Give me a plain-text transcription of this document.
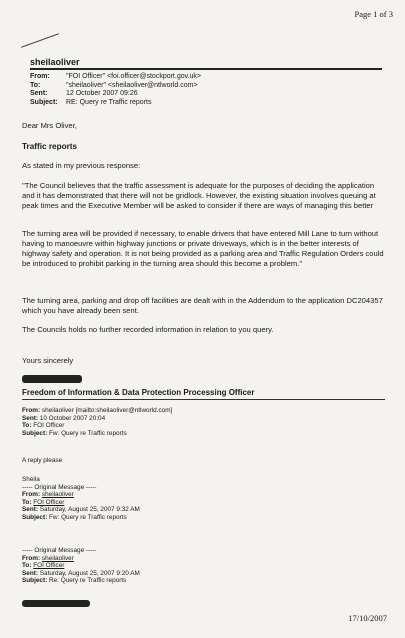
Page 1 of 3
sheilaoliver
From: "FOI Officer" <foi.officer@stockport.gov.uk>
To:	"sheilaoliver" <sheilaoliver@ntlworld.com>
Sent:	12 October 2007 09:26
Subject: RE: Query re Traffic reports
Dear Mrs Oliver,
Traffic reports
As stated in my previous response:
"The Council believes that the traffic assessment is adequate for the purposes of deciding the application and it has demonstrated that there will not be gridlock. However, the existing situation involves queuing at peak times and the Executive Member will be asked to consider if there are ways of managing this better
The turning area will be provided if necessary, to enable drivers that have entered Mill Lane to turn without having to manoeuvre within highway junctions or private driveways, which is in the better interests of highway safety and operation. It is not being provided as a parking area and Traffic Regulation Orders could be introduced to prohibit parking in the turning area should this become a problem."
The turning area, parking and drop off facilities are dealt with in the Addendum to the application DC204357 which you have already been sent.
The Councils holds no further recorded information in relation to you query.
Yours sincerely
Freedom of Information & Data Protection Processing Officer
From: sheilaoliver [mailto:sheilaoliver@ntlworld.com]
Sent: 10 October 2007 20:04
To: FOI Officer
Subject: Fw: Query re Traffic reports
A reply please
Sheila
----- Original Message -----
From: sheilaoliver
To: FOI Officer
Sent: Saturday, August 25, 2007 9:32 AM
Subject: Fw: Query re Traffic reports
----- Original Message -----
From: sheilaoliver
To: FOI Officer
Sent: Saturday, August 25, 2007 9:20 AM
Subject: Re: Query re Traffic reports
17/10/2007
